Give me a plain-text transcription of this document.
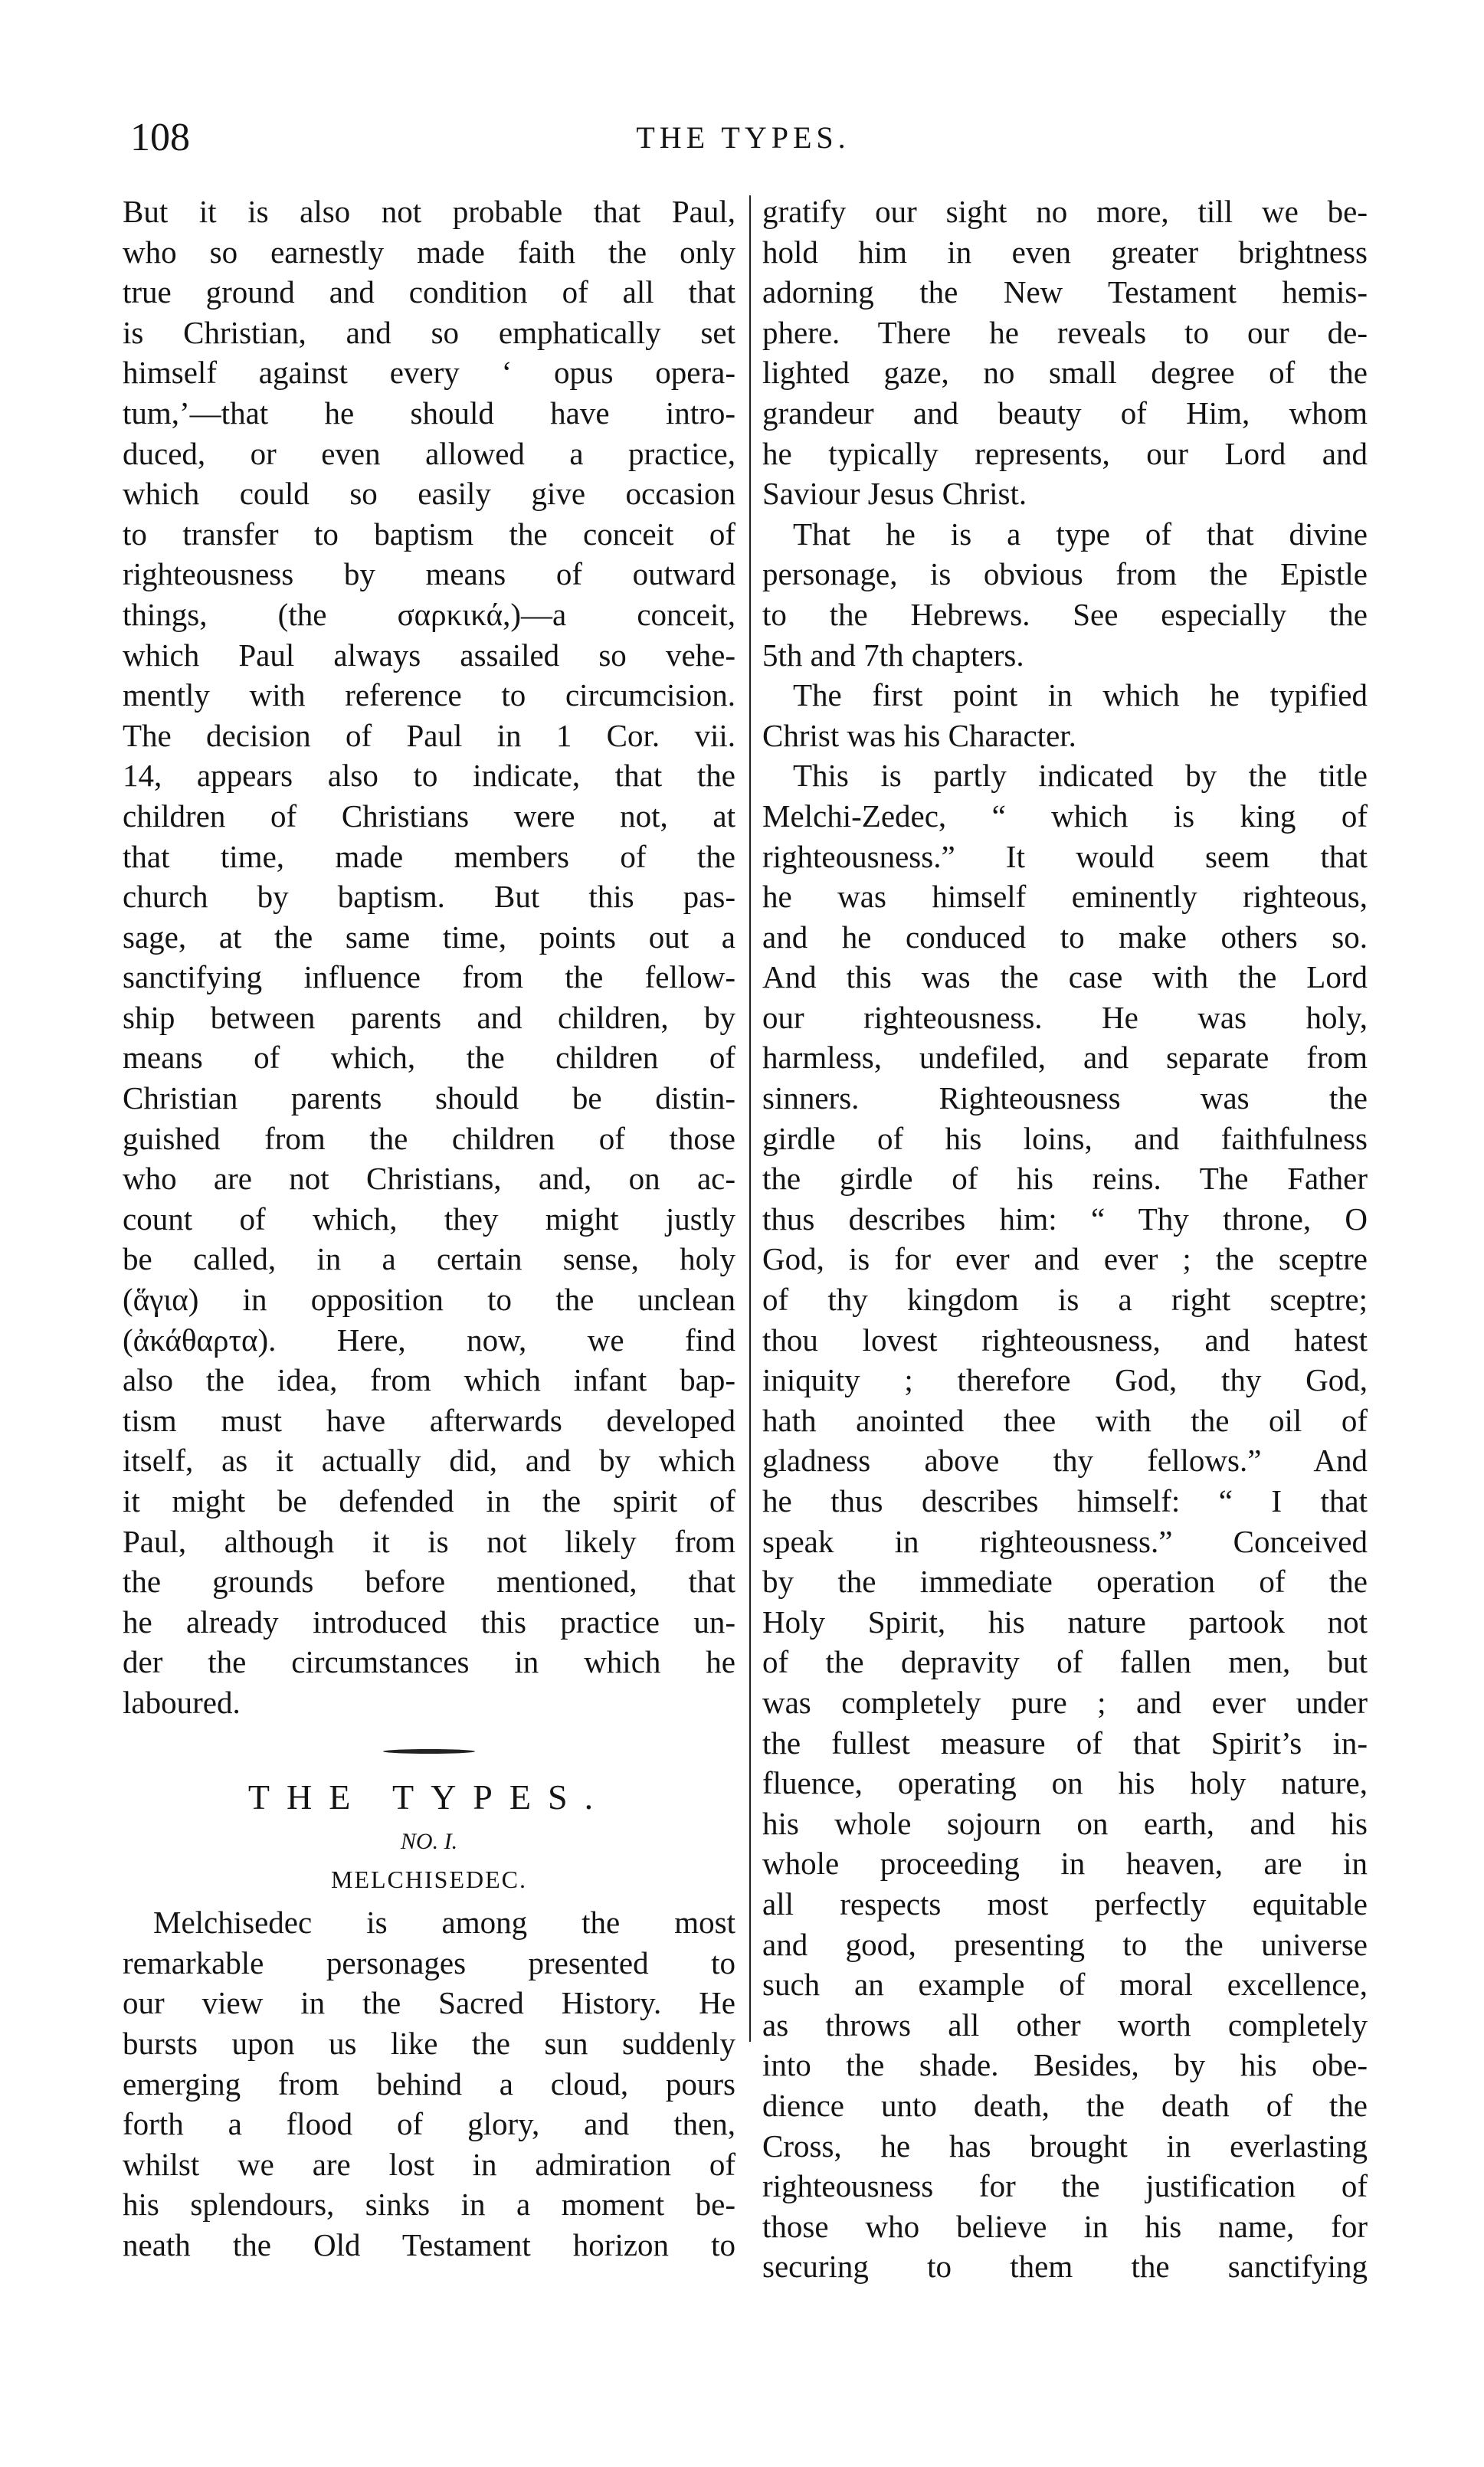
108	THE TYPES.
But it is also not probable that Paul,
who so earnestly made faith the only
true ground and condition of all that
is Christian, and so emphatically set
himself against every ‘ opus opera-
tum,’—that he should have intro-
duced, or even allowed a practice,
which could so easily give occasion
to transfer to baptism the conceit of
righteousness by means of outward
things, (the σαρκικά,)—a conceit,
which Paul always assailed so vehe-
mently with reference to circumcision.
The decision of Paul in 1 Cor. vii.
14, appears also to indicate, that the
children of Christians were not, at
that time, made members of the
church by baptism. But this pas-
sage, at the same time, points out a
sanctifying influence from the fellow-
ship between parents and children, by
means of which, the children of
Christian parents should be distin-
guished from the children of those
who are not Christians, and, on ac-
count of which, they might justly
be called, in a certain sense, holy
(ἅγια) in opposition to the unclean
(ἀκάθαρτα). Here, now, we find
also the idea, from which infant bap-
tism must have afterwards developed
itself, as it actually did, and by which
it might be defended in the spirit of
Paul, although it is not likely from
the grounds before mentioned, that
he already introduced this practice un-
der the circumstances in which he
laboured.
THE TYPES.
NO. I.
MELCHISEDEC.
Melchisedec is among the most
remarkable personages presented to
our view in the Sacred History. He
bursts upon us like the sun suddenly
emerging from behind a cloud, pours
forth a flood of glory, and then,
whilst we are lost in admiration of
his splendours, sinks in a moment be-
neath the Old Testament horizon to
gratify our sight no more, till we be-
hold him in even greater brightness
adorning the New Testament hemis-
phere. There he reveals to our de-
lighted gaze, no small degree of the
grandeur and beauty of Him, whom
he typically represents, our Lord and
Saviour Jesus Christ.
That he is a type of that divine
personage, is obvious from the Epistle
to the Hebrews. See especially the
5th and 7th chapters.
The first point in which he typified
Christ was his Character.
This is partly indicated by the title
Melchi-Zedec, “ which is king of
righteousness.” It would seem that
he was himself eminently righteous,
and he conduced to make others so.
And this was the case with the Lord
our righteousness. He was holy,
harmless, undefiled, and separate from
sinners. Righteousness was the
girdle of his loins, and faithfulness
the girdle of his reins. The Father
thus describes him: “ Thy throne, O
God, is for ever and ever ; the sceptre
of thy kingdom is a right sceptre;
thou lovest righteousness, and hatest
iniquity ; therefore God, thy God,
hath anointed thee with the oil of
gladness above thy fellows.” And
he thus describes himself: “ I that
speak in righteousness.” Conceived
by the immediate operation of the
Holy Spirit, his nature partook not
of the depravity of fallen men, but
was completely pure ; and ever under
the fullest measure of that Spirit’s in-
fluence, operating on his holy nature,
his whole sojourn on earth, and his
whole proceeding in heaven, are in
all respects most perfectly equitable
and good, presenting to the universe
such an example of moral excellence,
as throws all other worth completely
into the shade. Besides, by his obe-
dience unto death, the death of the
Cross, he has brought in everlasting
righteousness for the justification of
those who believe in his name, for
securing to them the sanctifying
